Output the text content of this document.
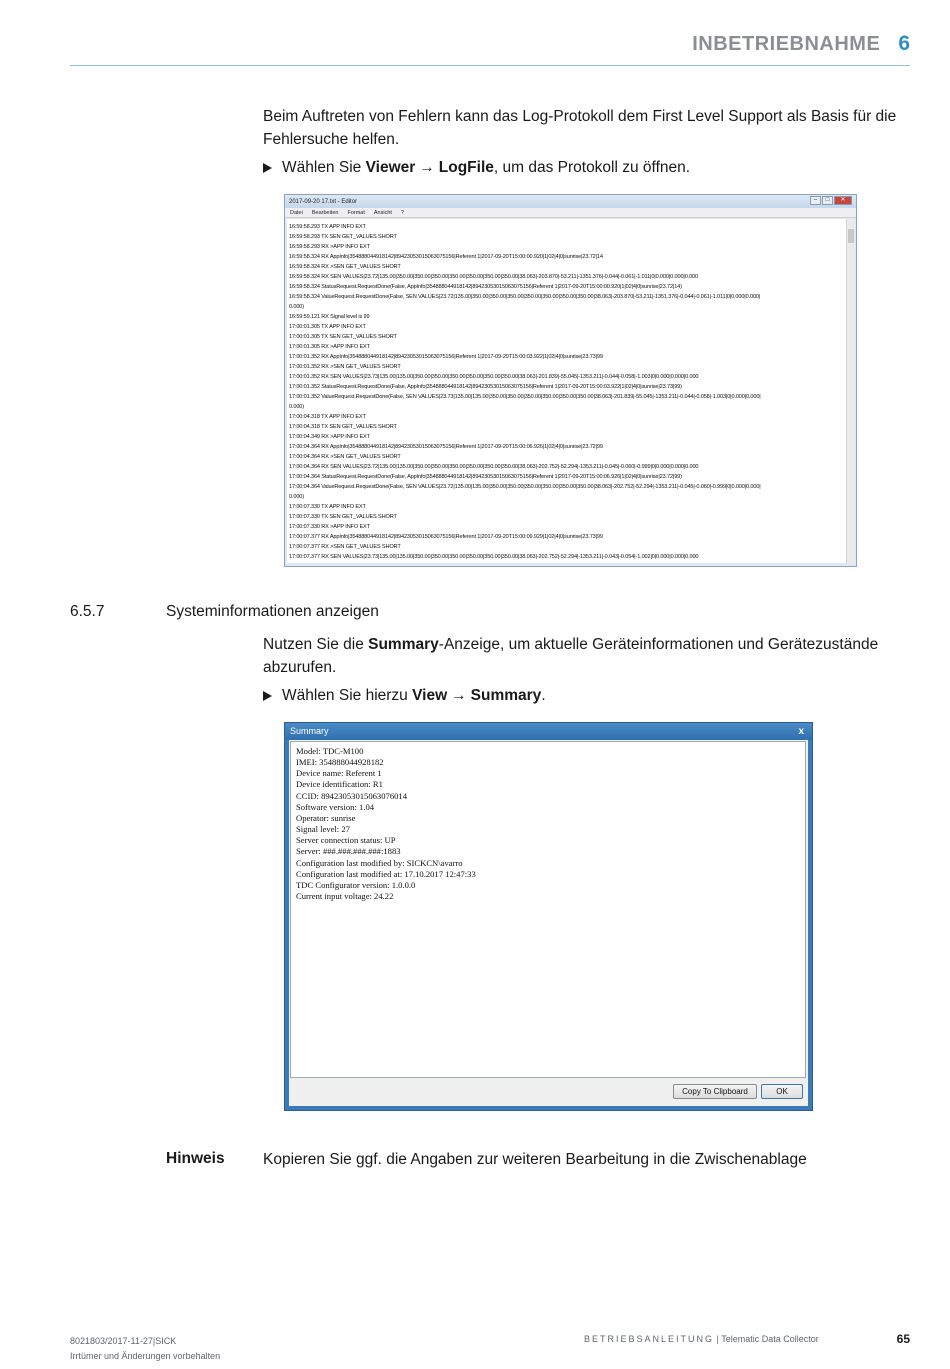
INBETRIEBNAHME 6

Beim Auftreten von Fehlern kann das Log-Protokoll dem First Level Support als Basis für die Fehlersuche helfen.

Wählen Sie
Viewer → LogFile , um das Protokoll zu öffnen.
2017-09-20 17.txt - Editor	–	□	✕
Datei Bearbeiten Format Ansicht ?
16:59:58.293 TX APP INFO EXT
16:59:58.293 TX SEN GET_VALUES SHORT
16:59:58.293 RX >APP INFO EXT
16:59:58.324 RX AppInfo|354888044918142|89423053015063075156|Referent 1|2017-09-20T15:00:00.920|1|02|4|0|sunrise|23.72|14
16:59:58.324 RX >SEN GET_VALUES SHORT
16:59:58.324 RX SEN VALUES|23.72|135.00|350.00|350.00|350.00|350.00|350.00|350.00|350.00|38.063|-203.870|-53.211|-1351.376|-0.044|-0.061|-1.011|0|0.000|0.000|0.000
16:59:58.324 StatusRequest.RequestDone(False, AppInfo|354888044918142|89423053015063075156|Referent 1|2017-09-20T15:00:00.920|1|02|4|0|sunrise|23.72|14)
16:59:58.324 ValueRequest.RequestDone(False, SEN VALUES|23.72|135.00|350.00|350.00|350.00|350.00|350.00|350.00|350.00|38.063|-203.870|-53.211|-1351.376|-0.044|-0.061|-1.011|0|0.000|0.000|
0.000)
16:59:59.121 RX Signal level is 99
17:00:01.305 TX APP INFO EXT
17:00:01.305 TX SEN GET_VALUES SHORT
17:00:01.305 RX >APP INFO EXT
17:00:01.352 RX AppInfo|354888044918142|89423053015063075156|Referent 1|2017-09-20T15:00:03.922|1|02|4|0|sunrise|23.73|99
17:00:01.352 RX >SEN GET_VALUES SHORT
17:00:01.352 RX SEN VALUES|23.73|135.00|135.00|350.00|350.00|350.00|350.00|350.00|350.00|38.063|-201.839|-55.045|-1353.211|-0.044|-0.058|-1.003|0|0.000|0.000|0.000
17:00:01.352 StatusRequest.RequestDone(False, AppInfo|354888044918142|89423053015063075156|Referent 1|2017-09-20T15:00:03.922|1|02|4|0|sunrise|23.73|99)
17:00:01.352 ValueRequest.RequestDone(False, SEN VALUES|23.73|135.00|135.00|350.00|350.00|350.00|350.00|350.00|350.00|38.063|-201.839|-55.045|-1353.211|-0.044|-0.058|-1.003|0|0.000|0.000|
0.000)
17:00:04.318 TX APP INFO EXT
17:00:04.318 TX SEN GET_VALUES SHORT
17:00:04.349 RX >APP INFO EXT
17:00:04.364 RX AppInfo|354888044918142|89423053015063075156|Referent 1|2017-09-20T15:00:06.926|1|02|4|0|sunrise|23.72|99
17:00:04.364 RX >SEN GET_VALUES SHORT
17:00:04.364 RX SEN VALUES|23.72|135.00|135.00|350.00|350.00|350.00|350.00|350.00|350.00|38.063|-202.752|-52.294|-1353.211|-0.045|-0.060|-0.999|0|0.000|0.000|0.000
17:00:04.364 StatusRequest.RequestDone(False, AppInfo|354888044918142|89423053015063075156|Referent 1|2017-09-20T15:00:06.926|1|02|4|0|sunrise|23.72|99)
17:00:04.364 ValueRequest.RequestDone(False, SEN VALUES|23.72|135.00|135.00|350.00|350.00|350.00|350.00|350.00|350.00|38.063|-202.752|-52.294|-1353.211|-0.045|-0.060|-0.999|0|0.000|0.000|
0.000)
17:00:07.330 TX APP INFO EXT
17:00:07.330 TX SEN GET_VALUES SHORT
17:00:07.330 RX >APP INFO EXT
17:00:07.377 RX AppInfo|354888044918142|89423053015063075156|Referent 1|2017-09-20T15:00:09.929|1|02|4|0|sunrise|23.73|99
17:00:07.377 RX >SEN GET_VALUES SHORT
17:00:07.377 RX SEN VALUES|23.73|135.00|135.00|350.00|350.00|350.00|350.00|350.00|350.00|38.063|-202.752|-52.294|-1353.211|-0.043|-0.054|-1.002|0|0.000|0.000|0.000
6.5.7	Systeminformationen anzeigen

Nutzen Sie die Summary-Anzeige, um aktuelle Geräteinformationen und Gerätezustände abzurufen.

Wählen Sie hierzu
View → Summary .
Summary	x
Model: TDC-M100
IMEI: 354888044928182
Device name: Referent 1
Device identification: R1
CCID: 89423053015063076014
Software version: 1.04
Operator: sunrise
Signal level: 27
Server connection status: UP
Server: ###.###.###.###:1883
Configuration last modified by: SICKCN\avarro
Configuration last modified at: 17.10.2017 12:47:33
TDC Configurator version: 1.0.0.0
Current input voltage: 24.22
Copy To Clipboard	OK
Hinweis Kopieren Sie ggf. die Angaben zur weiteren Bearbeitung in die Zwischenablage
8021803/2017-11-27|SICK
Irrtümer und Änderungen vorbehalten
BETRIEBSANLEITUNG | Telematic Data Collector	65
